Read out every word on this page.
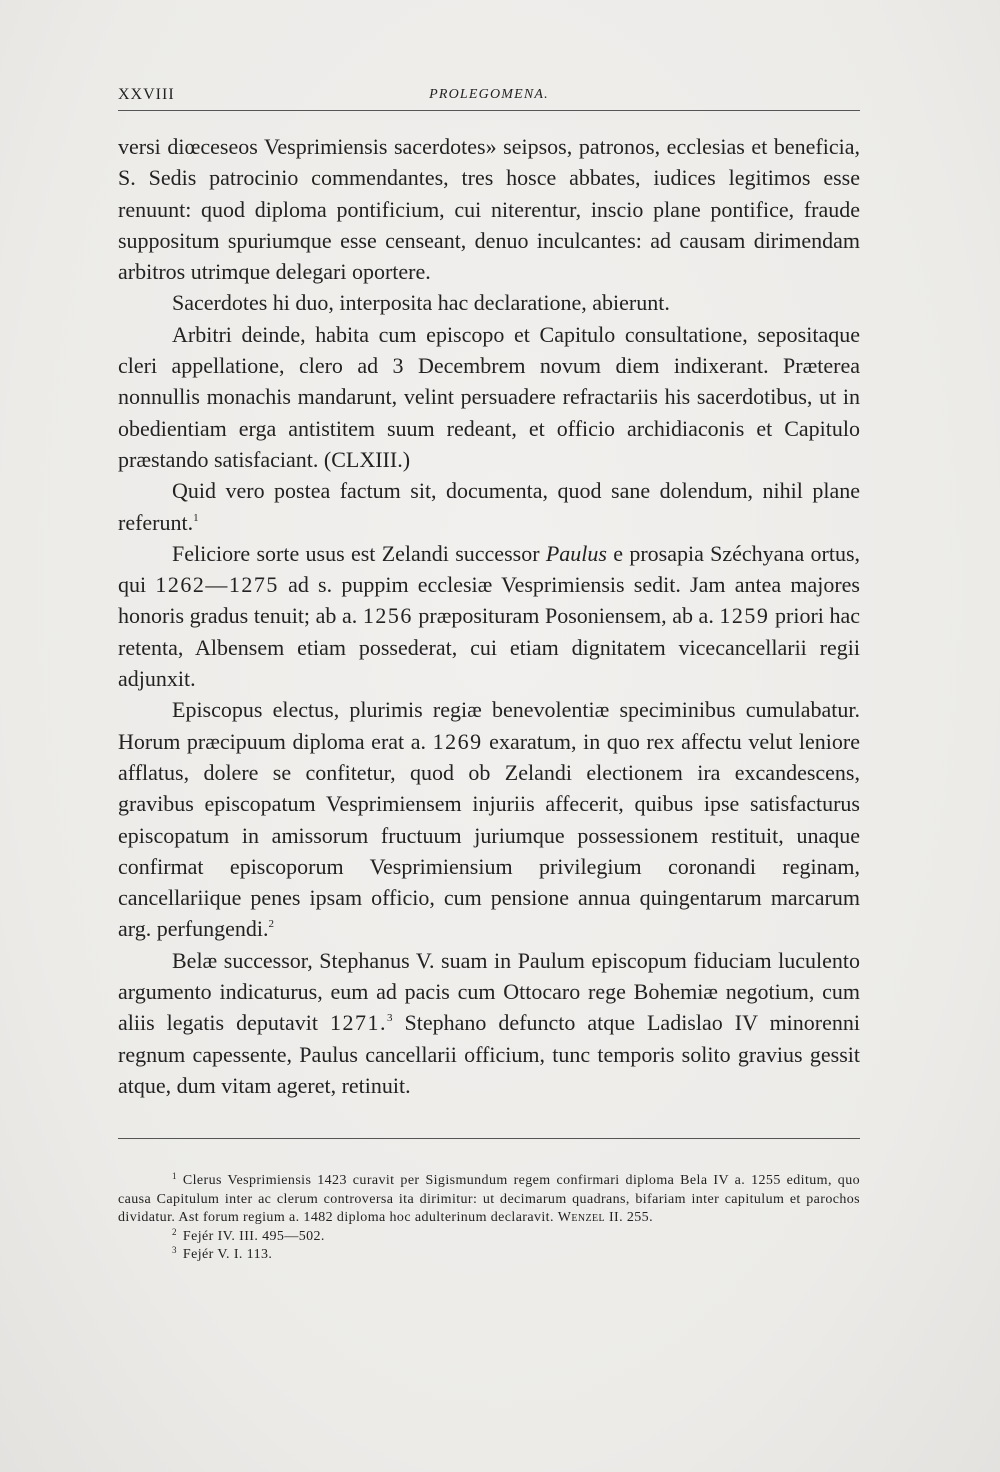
XXVIII	PROLEGOMENA.

versi diœceseos Vesprimiensis sacerdotes» seipsos, patronos, ecclesias et beneficia, S. Sedis patrocinio commendantes, tres hosce abbates, iudices legitimos esse renuunt: quod diploma pontificium, cui niterentur, inscio plane pontifice, fraude suppositum spuriumque esse censeant, denuo inculcantes: ad causam dirimendam arbitros utrimque delegari oportere.

Sacerdotes hi duo, interposita hac declaratione, abierunt.

Arbitri deinde, habita cum episcopo et Capitulo consultatione, sepositaque cleri appellatione, clero ad 3 Decembrem novum diem indixerant. Præterea nonnullis monachis mandarunt, velint persuadere refractariis his sacerdotibus, ut in obedientiam erga antistitem suum redeant, et officio archidiaconis et Capitulo præstando satisfaciant. (CLXIII.)

Quid vero postea factum sit, documenta, quod sane dolendum, nihil plane referunt.$^1$

Feliciore sorte usus est Zelandi successor Paulus e prosapia Széchyana ortus, qui 1262—1275 ad s. puppim ecclesiæ Vesprimiensis sedit. Jam antea majores honoris gradus tenuit; ab a. 1256 præposituram Posoniensem, ab a. 1259 priori hac retenta, Albensem etiam possederat, cui etiam dignitatem vicecancellarii regii adjunxit.

Episcopus electus, plurimis regiæ benevolentiæ speciminibus cumulabatur. Horum præcipuum diploma erat a. 1269 exaratum, in quo rex affectu velut leniore afflatus, dolere se confitetur, quod ob Zelandi electionem ira excandescens, gravibus episcopatum Vesprimiensem injuriis affecerit, quibus ipse satisfacturus episcopatum in amissorum fructuum juriumque possessionem restituit, unaque confirmat episcoporum Vesprimiensium privilegium coronandi reginam, cancellariique penes ipsam officio, cum pensione annua quingentarum marcarum arg. perfungendi.$^2$

Belæ successor, Stephanus V. suam in Paulum episcopum fiduciam luculento argumento indicaturus, eum ad pacis cum Ottocaro rege Bohemiæ negotium, cum aliis legatis deputavit 1271.$^3$ Stephano defuncto atque Ladislao IV minorenni regnum capessente, Paulus cancellarii officium, tunc temporis solito gravius gessit atque, dum vitam ageret, retinuit.

$^1$ Clerus Vesprimiensis 1423 curavit per Sigismundum regem confirmari diploma Bela IV a. 1255 editum, quo causa Capitulum inter ac clerum controversa ita dirimitur: ut decimarum quadrans, bifariam inter capitulum et parochos dividatur. Ast forum regium a. 1482 diploma hoc adulterinum declaravit. Wenzel II. 255.

$^2$ Fejér IV. III. 495—502.

$^3$ Fejér V. I. 113.
